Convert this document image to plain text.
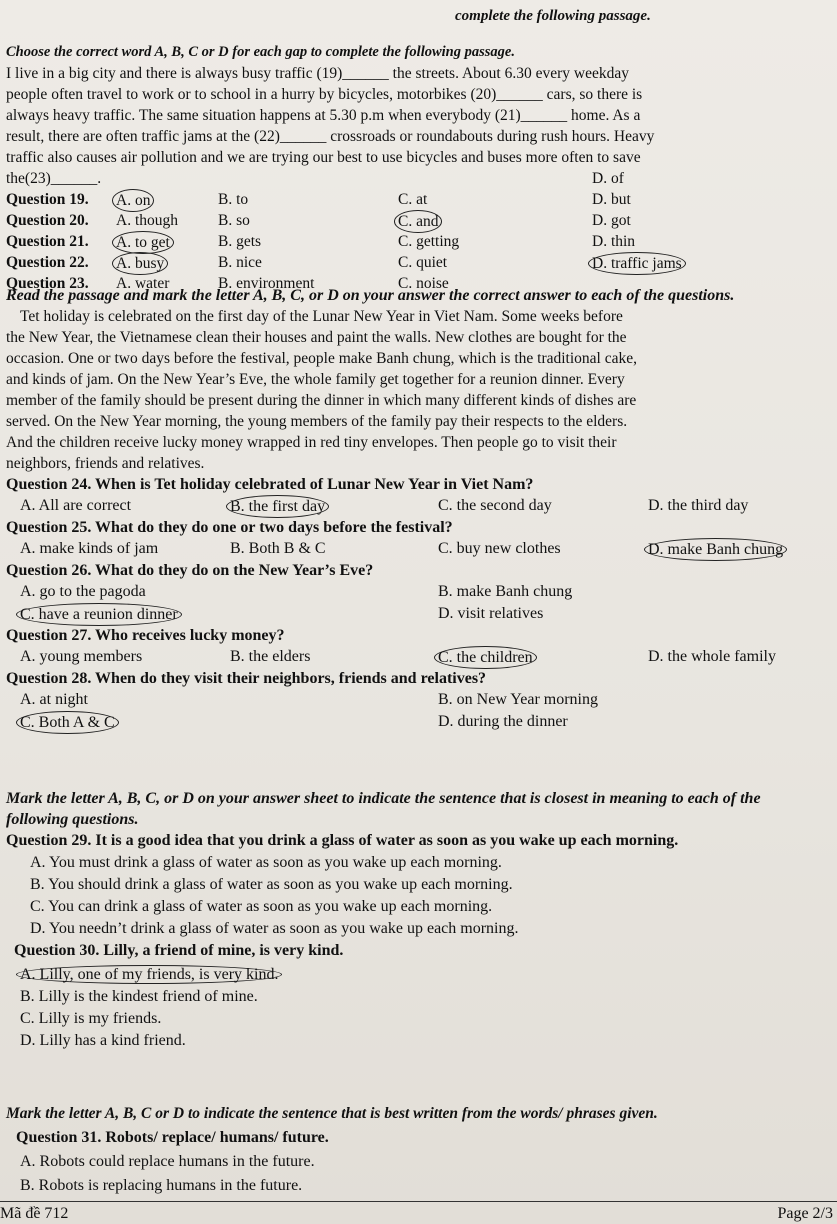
complete the following passage.
Choose the correct word A, B, C or D for each gap to complete the following passage.
I live in a big city and there is always busy traffic (19)______ the streets. About 6.30 every weekday
people often travel to work or to school in a hurry by bicycles, motorbikes (20)______ cars, so there is
always heavy traffic. The same situation happens at 5.30 p.m when everybody (21)______ home. As a
result, there are often traffic jams at the (22)______ crossroads or roundabouts during rush hours. Heavy
traffic also causes air pollution and we are trying our best to use bicycles and buses more often to save
the(23)______.	D. of
Question 19. A. on	B. to	C. at	D. but
Question 20. A. though	B. so	C. and	D. got
Question 21. A. to get	B. gets	C. getting	D. thin
Question 22. A. busy	B. nice	C. quiet	D. traffic jams
Question 23. A. water	B. environment	C. noise
Read the passage and mark the letter A, B, C, or D on your answer the correct answer to each of the questions.
Tet holiday is celebrated on the first day of the Lunar New Year in Viet Nam. Some weeks before
the New Year, the Vietnamese clean their houses and paint the walls. New clothes are bought for the
occasion. One or two days before the festival, people make Banh chung, which is the traditional cake,
and kinds of jam. On the New Year’s Eve, the whole family get together for a reunion dinner. Every
member of the family should be present during the dinner in which many different kinds of dishes are
served. On the New Year morning, the young members of the family pay their respects to the elders.
And the children receive lucky money wrapped in red tiny envelopes. Then people go to visit their
neighbors, friends and relatives.
Question 24. When is Tet holiday celebrated of Lunar New Year in Viet Nam?
A. All are correct	B. the first day	C. the second day	D. the third day
Question 25. What do they do one or two days before the festival?
A. make kinds of jam	B. Both B & C	C. buy new clothes	D. make Banh chung
Question 26. What do they do on the New Year’s Eve?
A. go to the pagoda	B. make Banh chung
C. have a reunion dinner	D. visit relatives
Question 27. Who receives lucky money?
A. young members	B. the elders	C. the children	D. the whole family
Question 28. When do they visit their neighbors, friends and relatives?
A. at night	B. on New Year morning
C. Both A & C	D. during the dinner
Mark the letter A, B, C, or D on your answer sheet to indicate the sentence that is closest in meaning to each of the following questions.
Question 29. It is a good idea that you drink a glass of water as soon as you wake up each morning.
A. You must drink a glass of water as soon as you wake up each morning.
B. You should drink a glass of water as soon as you wake up each morning.
C. You can drink a glass of water as soon as you wake up each morning.
D. You needn’t drink a glass of water as soon as you wake up each morning.
Question 30. Lilly, a friend of mine, is very kind.
A. Lilly, one of my friends, is very kind.
B. Lilly is the kindest friend of mine.
C. Lilly is my friends.
D. Lilly has a kind friend.
Mark the letter A, B, C or D to indicate the sentence that is best written from the words/ phrases given.
Question 31. Robots/ replace/ humans/ future.
A. Robots could replace humans in the future.
B. Robots is replacing humans in the future.
Mã đề 712	Page 2/3
